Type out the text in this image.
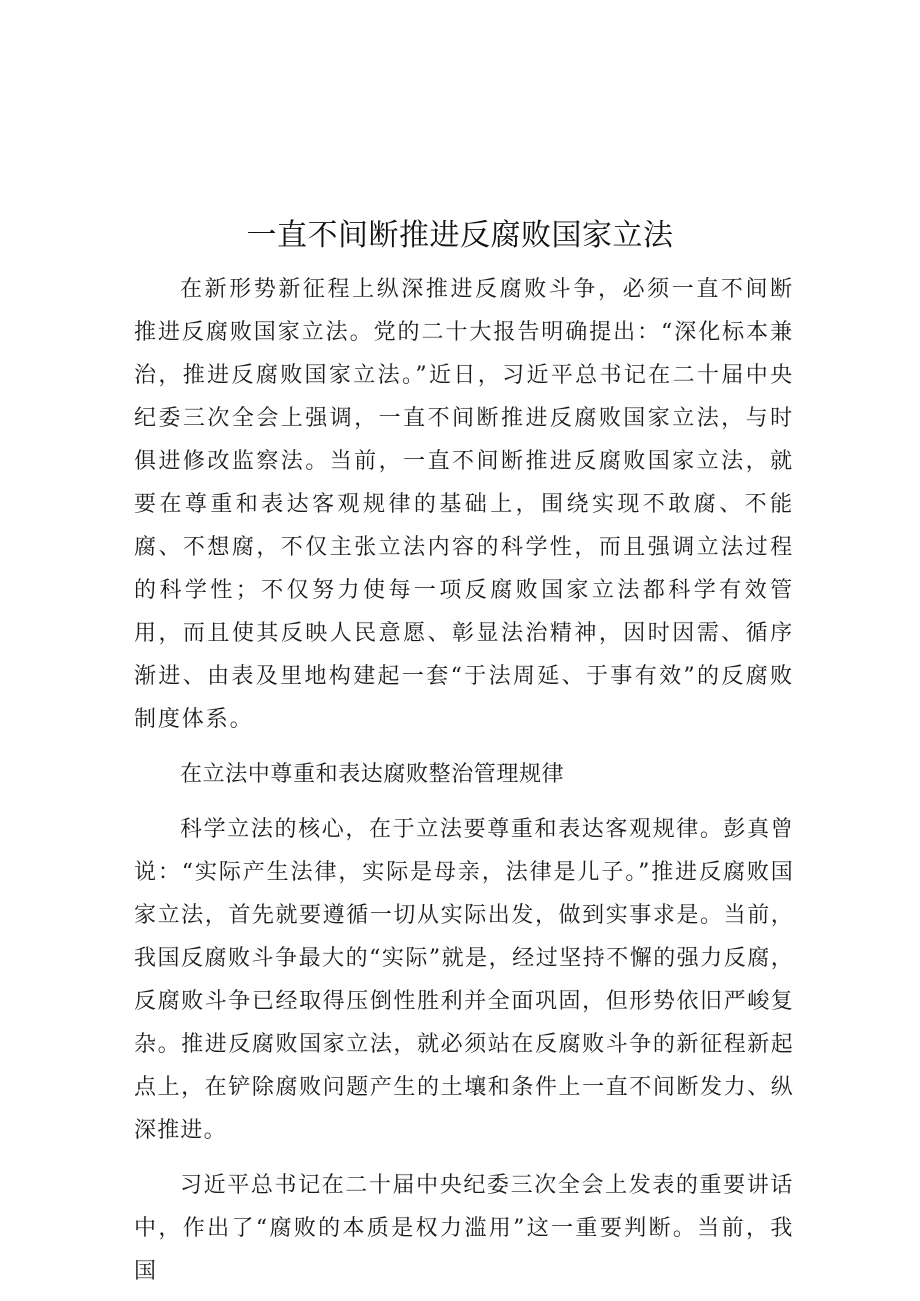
一直不间断推进反腐败国家立法

在新形势新征程上纵深推进反腐败斗争，必须一直不间断推进反腐败国家立法。党的二十大报告明确提出：“深化标本兼治，推进反腐败国家立法。”近日，习近平总书记在二十届中央纪委三次全会上强调，一直不间断推进反腐败国家立法，与时俱进修改监察法。当前，一直不间断推进反腐败国家立法，就要在尊重和表达客观规律的基础上，围绕实现不敢腐、不能腐、不想腐，不仅主张立法内容的科学性，而且强调立法过程的科学性；不仅努力使每一项反腐败国家立法都科学有效管用，而且使其反映人民意愿、彰显法治精神，因时因需、循序渐进、由表及里地构建起一套“于法周延、于事有效”的反腐败制度体系。

在立法中尊重和表达腐败整治管理规律

科学立法的核心，在于立法要尊重和表达客观规律。彭真曾说：“实际产生法律，实际是母亲，法律是儿子。”推进反腐败国家立法，首先就要遵循一切从实际出发，做到实事求是。当前，我国反腐败斗争最大的“实际”就是，经过坚持不懈的强力反腐，反腐败斗争已经取得压倒性胜利并全面巩固，但形势依旧严峻复杂。推进反腐败国家立法，就必须站在反腐败斗争的新征程新起点上，在铲除腐败问题产生的土壤和条件上一直不间断发力、纵深推进。

习近平总书记在二十届中央纪委三次全会上发表的重要讲话中，作出了“腐败的本质是权力滥用”这一重要判断。当前，我国
